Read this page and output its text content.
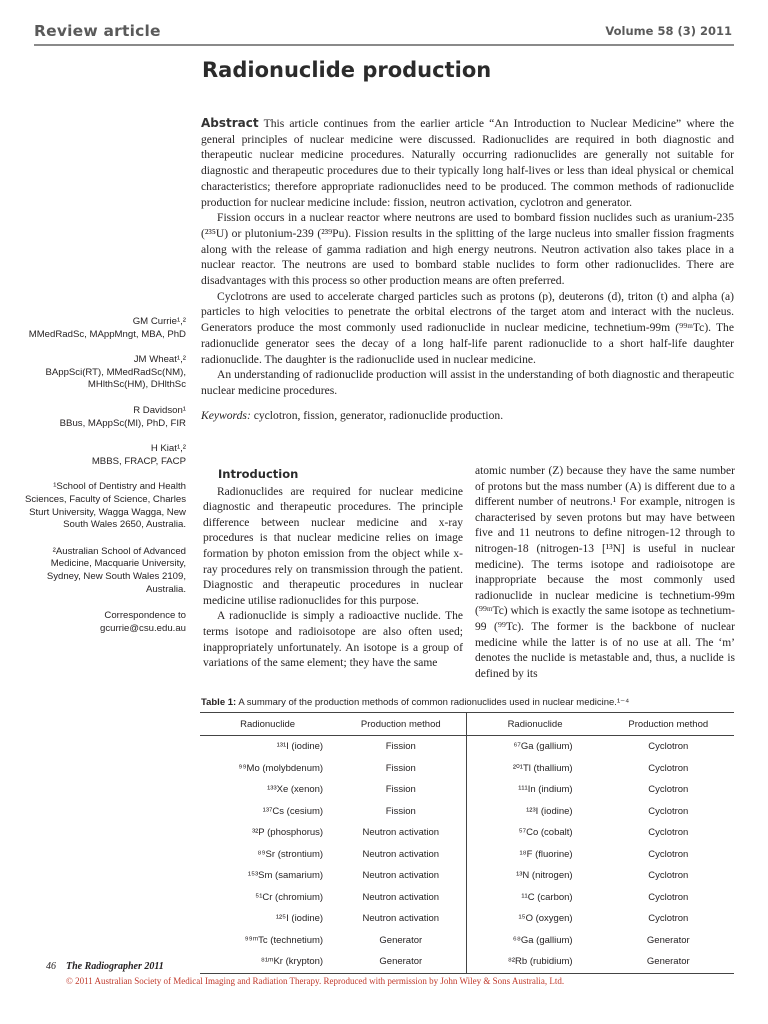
Review article	Volume 58 (3) 2011
Radionuclide production

Abstract This article continues from the earlier article “An Introduction to Nuclear Medicine” where the general principles of nuclear medicine were discussed. Radionuclides are required in both diagnostic and therapeutic nuclear medicine procedures. Naturally occurring radionuclides are generally not suitable for diagnostic and therapeutic procedures due to their typically long half-lives or less than ideal physical or chemical characteristics; therefore appropriate radionuclides need to be produced. The common methods of radionuclide production for nuclear medicine include: fission, neutron activation, cyclotron and generator.

Fission occurs in a nuclear reactor where neutrons are used to bombard fission nuclides such as uranium-235 (²³⁵U) or plutonium-239 (²³⁹Pu). Fission results in the splitting of the large nucleus into smaller fission fragments along with the release of gamma radiation and high energy neutrons. Neutron activation also takes place in a nuclear reactor. The neutrons are used to bombard stable nuclides to form other radionuclides. There are disadvantages with this process so other production means are often preferred.

Cyclotrons are used to accelerate charged particles such as protons (p), deuterons (d), triton (t) and alpha (a) particles to high velocities to penetrate the orbital electrons of the target atom and interact with the nucleus. Generators produce the most commonly used radionuclide in nuclear medicine, technetium-99m (⁹⁹ᵐTc). The radionuclide generator sees the decay of a long half-life parent radionuclide to a short half-life daughter radionuclide. The daughter is the radionuclide used in nuclear medicine.

An understanding of radionuclide production will assist in the understanding of both diagnostic and therapeutic nuclear medicine procedures.

Keywords: cyclotron, fission, generator, radionuclide production.

GM Currie¹,²
MMedRadSc, MAppMngt, MBA, PhD
JM Wheat¹,²
BAppSci(RT), MMedRadSc(NM), MHlthSc(HM), DHlthSc
R Davidson¹
BBus, MAppSc(MI), PhD, FIR
H Kiat¹,²
MBBS, FRACP, FACP
¹School of Dentistry and Health Sciences, Faculty of Science, Charles Sturt University, Wagga Wagga, New South Wales 2650, Australia.
²Australian School of Advanced Medicine, Macquarie University, Sydney, New South Wales 2109, Australia.
Correspondence to gcurrie@csu.edu.au
Introduction

Radionuclides are required for nuclear medicine diagnostic and therapeutic procedures. The principle difference between nuclear medicine and x-ray procedures is that nuclear medicine relies on image formation by photon emission from the object while x-ray procedures rely on transmission through the patient. Diagnostic and therapeutic procedures in nuclear medicine utilise radionuclides for this purpose.

A radionuclide is simply a radioactive nuclide. The terms isotope and radioisotope are also often used; inappropriately unfortunately. An isotope is a group of variations of the same element; they have the same

atomic number (Z) because they have the same number of protons but the mass number (A) is different due to a different number of neutrons.¹ For example, nitrogen is characterised by seven protons but may have between five and 11 neutrons to define nitrogen-12 through to nitrogen-18 (nitrogen-13 [¹³N] is useful in nuclear medicine). The terms isotope and radioisotope are inappropriate because the most commonly used radionuclide in nuclear medicine is technetium-99m (⁹⁹ᵐTc) which is exactly the same isotope as technetium-99 (⁹⁹Tc). The former is the backbone of nuclear medicine while the latter is of no use at all. The ‘m’ denotes the nuclide is metastable and, thus, a nuclide is defined by its

Table 1: A summary of the production methods of common radionuclides used in nuclear medicine.¹⁻⁴
Radionuclide	Production method	Radionuclide	Production method
¹³¹I (iodine)	Fission	⁶⁷Ga (gallium)	Cyclotron
⁹⁹Mo (molybdenum)	Fission	²⁰¹Tl (thallium)	Cyclotron
¹³³Xe (xenon)	Fission	¹¹¹In (indium)	Cyclotron
¹³⁷Cs (cesium)	Fission	¹²³I (iodine)	Cyclotron
³²P (phosphorus)	Neutron activation	⁵⁷Co (cobalt)	Cyclotron
⁸⁹Sr (strontium)	Neutron activation	¹⁸F (fluorine)	Cyclotron
¹⁵³Sm (samarium)	Neutron activation	¹³N (nitrogen)	Cyclotron
⁵¹Cr (chromium)	Neutron activation	¹¹C (carbon)	Cyclotron
¹²⁵I (iodine)	Neutron activation	¹⁵O (oxygen)	Cyclotron
⁹⁹ᵐTc (technetium)	Generator	⁶⁸Ga (gallium)	Generator
⁸¹ᵐKr (krypton)	Generator	⁸²Rb (rubidium)	Generator
46 The Radiographer 2011
© 2011 Australian Society of Medical Imaging and Radiation Therapy. Reproduced with permission by John Wiley & Sons Australia, Ltd.
